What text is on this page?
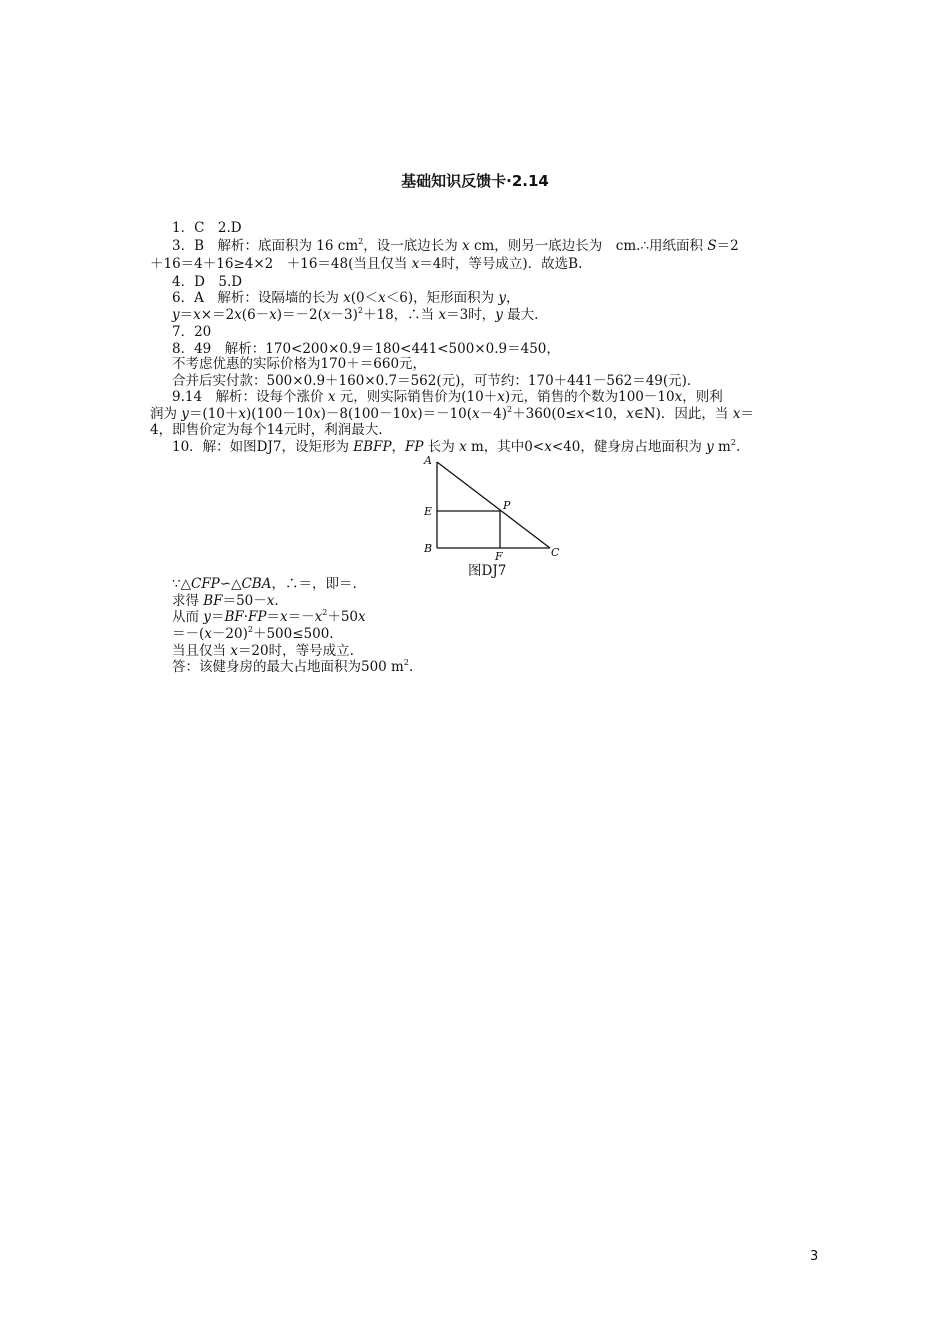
基础知识反馈卡·2.14
1．C　2.D
3．B　解析：底面积为 16 $cm^2$，设一底边长为 x cm，则另一底边长为　cm.∴用纸面积 S＝2
＋16＝4＋16≥4×2　＋16＝48(当且仅当 x＝4时，等号成立)．故选B.
4．D　5.D
6．A　解析：设隔墙的长为 x(0＜x＜6)，矩形面积为 y，
$y=x\times=2x(6-x)=-2(x-3)^2+18$，∴当 x＝3时，y 最大.
7．20
8．49　解析：170<200×0.9＝180<441<500×0.9＝450，
不考虑优惠的实际价格为170＋＝660元，
合并后实付款：500×0.9＋160×0.7＝562(元)，可节约：170＋441－562＝49(元)．
9.14　解析：设每个涨价 x 元，则实际销售价为(10＋x)元，销售的个数为100－10x，则利
润为 $y=(10+x)(100-10x)-8(100-10x)=-10(x-4)^2+360(0\le x<10$，x∈N)．因此，当 x＝
4，即售价定为每个14元时，利润最大.
10．解：如图DJ7，设矩形为 EBFP，FP 长为 x m，其中0<x<40，健身房占地面积为 y $m^2$.
A
E
B
P
F	C
图DJ7
∵△CFP∽△CBA，∴＝，即＝.
求得 BF＝50－x.
从而 $y=BF\cdot FP=x=-x^2+50x$
$=-(x-20)^2+500\le 500$.
当且仅当 x＝20时，等号成立.
答：该健身房的最大占地面积为500 $m^2$.
3
